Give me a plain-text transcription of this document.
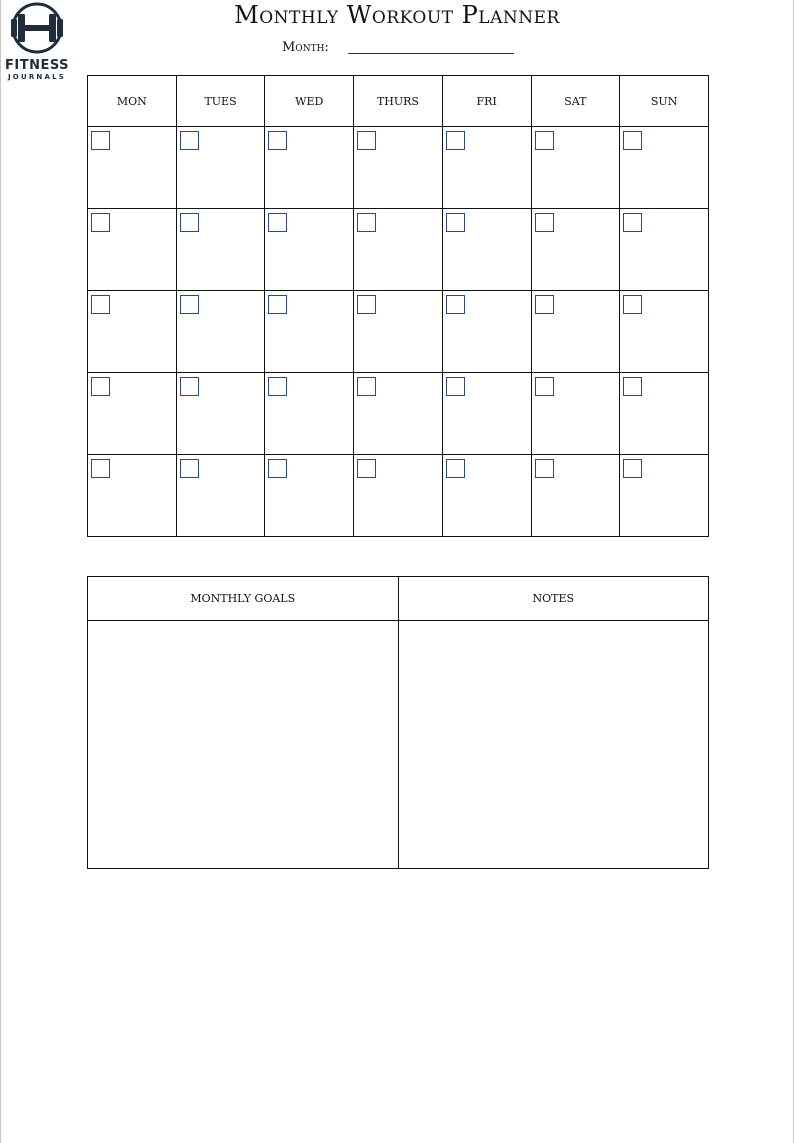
FITNESS
JOURNALS
Monthly Workout Planner
Month:
MON	TUES	WED	THURS	FRI	SAT	SUN

MONTHLY GOALS	NOTES
